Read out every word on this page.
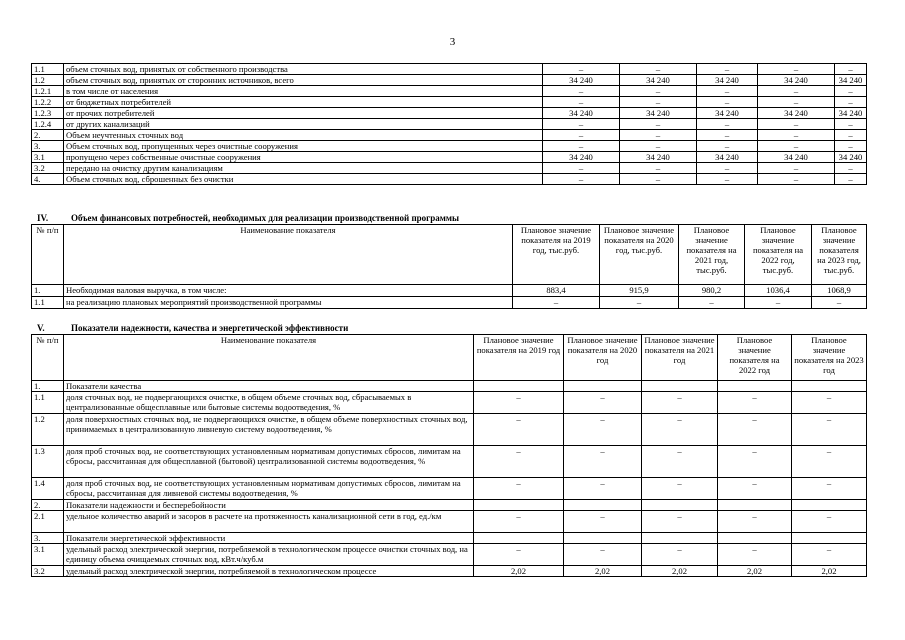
3
1.1	объем сточных вод, принятых от собственного производства	–	–	–	–	–
1.2	объем сточных вод, принятых от сторонних источников, всего	34 240	34 240	34 240	34 240	34 240
1.2.1	в том числе от населения	–	–	–	–	–
1.2.2	от бюджетных потребителей	–	–	–	–	–
1.2.3	от прочих потребителей	34 240	34 240	34 240	34 240	34 240
1.2.4	от других канализаций	–	–	–	–	–
2.	Объем неучтенных сточных вод	–	–	–	–	–
3.	Объем сточных вод, пропущенных через очистные сооружения	–	–	–	–	–
3.1	пропущено через собственные очистные сооружения	34 240	34 240	34 240	34 240	34 240
3.2	передано на очистку другим канализациям	–	–	–	–	–
4.	Объем сточных вод, сброшенных без очистки	–	–	–	–	–
IV.	Объем финансовых потребностей, необходимых для реализации производственной программы
№ п/п	Наименование показателя	Плановое значение показателя на 2019 год, тыс.руб.	Плановое значение показателя на 2020 год, тыс.руб.	Плановое значение показателя на 2021 год, тыс.руб.	Плановое значение показателя на 2022 год, тыс.руб.	Плановое значение показателя на 2023 год, тыс.руб.
1.	Необходимая валовая выручка, в том числе:	883,4	915,9	980,2	1036,4	1068,9
1.1	на реализацию плановых мероприятий производственной программы	–	–	–	–	–
V.	Показатели надежности, качества и энергетической эффективности
№ п/п	Наименование показателя	Плановое значение показателя на 2019 год	Плановое значение показателя на 2020 год	Плановое значение показателя на 2021 год	Плановое значение показателя на 2022 год	Плановое значение показателя на 2023 год
1.	Показатели качества					
1.1	доля сточных вод, не подвергающихся очистке, в общем объеме сточных вод, сбрасываемых в централизованные общесплавные или бытовые системы водоотведения, %	–	–	–	–	–
1.2	доля поверхностных сточных вод, не подвергающихся очистке, в общем объеме поверхностных сточных вод, принимаемых в централизованную ливневую систему водоотведения, %	–	–	–	–	–
1.3	доля проб сточных вод, не соответствующих установленным нормативам допустимых сбросов, лимитам на сбросы, рассчитанная для общесплавной (бытовой) централизованной системы водоотведения, %	–	–	–	–	–
1.4	доля проб сточных вод, не соответствующих установленным нормативам допустимых сбросов, лимитам на сбросы, рассчитанная для ливневой системы водоотведения, %	–	–	–	–	–
2.	Показатели надежности и бесперебойности					
2.1	удельное количество аварий и засоров в расчете на протяженность канализационной сети в год, ед./км	–	–	–	–	–
3.	Показатели энергетической эффективности					
3.1	удельный расход электрической энергии, потребляемой в технологическом процессе очистки сточных вод, на единицу объема очищаемых сточных вод, кВт.ч/куб.м	–	–	–	–	–
3.2	удельный расход электрической энергии, потребляемой в технологическом процессе	2,02	2,02	2,02	2,02	2,02
